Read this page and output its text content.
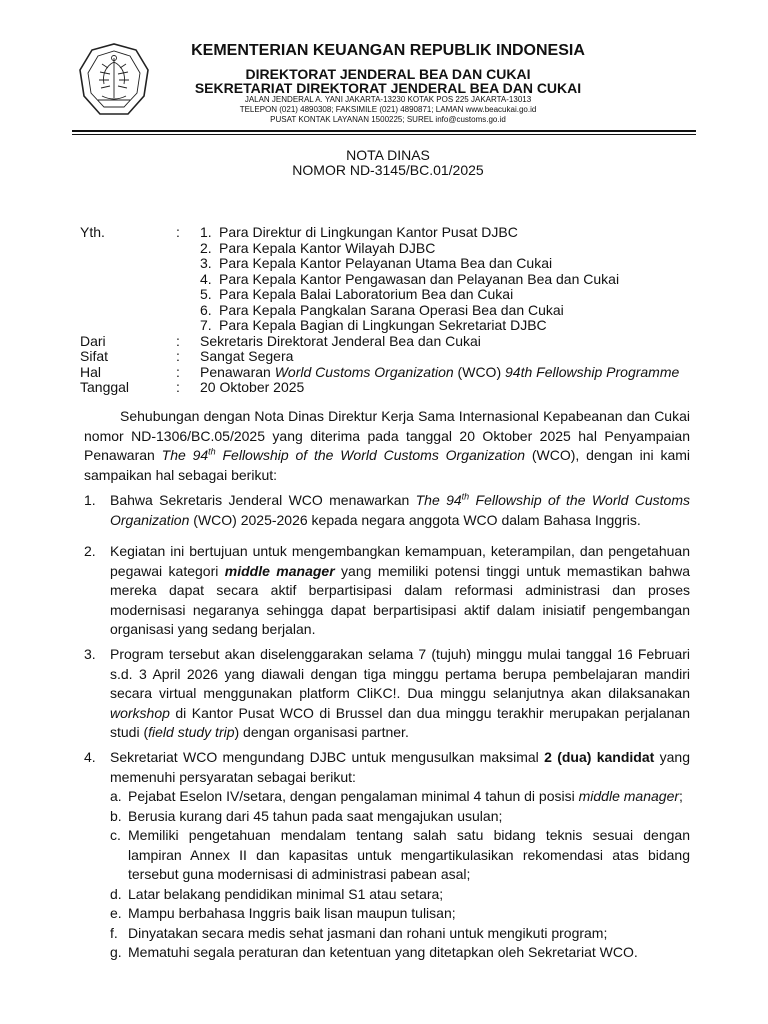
KEMENTERIAN KEUANGAN REPUBLIK INDONESIA
DIREKTORAT JENDERAL BEA DAN CUKAI
SEKRETARIAT DIREKTORAT JENDERAL BEA DAN CUKAI
JALAN JENDERAL A. YANI JAKARTA-13230 KOTAK POS 225 JAKARTA-13013
TELEPON (021) 4890308; FAKSIMILE (021) 4890871; LAMAN www.beacukai.go.id
PUSAT KONTAK LAYANAN 1500225; SUREL info@customs.go.id
NOTA DINAS
NOMOR ND-3145/BC.01/2025
Yth.	:	1. Para Direktur di Lingkungan Kantor Pusat DJBC
2. Para Kepala Kantor Wilayah DJBC
3. Para Kepala Kantor Pelayanan Utama Bea dan Cukai
4. Para Kepala Kantor Pengawasan dan Pelayanan Bea dan Cukai
5. Para Kepala Balai Laboratorium Bea dan Cukai
6. Para Kepala Pangkalan Sarana Operasi Bea dan Cukai
7. Para Kepala Bagian di Lingkungan Sekretariat DJBC
Dari	:	Sekretaris Direktorat Jenderal Bea dan Cukai
Sifat	:	Sangat Segera
Hal	:	Penawaran World Customs Organization (WCO) 94th Fellowship Programme
Tanggal	:	20 Oktober 2025
Sehubungan dengan Nota Dinas Direktur Kerja Sama Internasional Kepabeanan dan Cukai nomor ND-1306/BC.05/2025 yang diterima pada tanggal 20 Oktober 2025 hal Penyampaian Penawaran The 94th Fellowship of the World Customs Organization (WCO), dengan ini kami sampaikan hal sebagai berikut:
1.	Bahwa Sekretaris Jenderal WCO menawarkan The 94th Fellowship of the World Customs Organization (WCO) 2025-2026 kepada negara anggota WCO dalam Bahasa Inggris.
2.	Kegiatan ini bertujuan untuk mengembangkan kemampuan, keterampilan, dan pengetahuan pegawai kategori middle manager yang memiliki potensi tinggi untuk memastikan bahwa mereka dapat secara aktif berpartisipasi dalam reformasi administrasi dan proses modernisasi negaranya sehingga dapat berpartisipasi aktif dalam inisiatif pengembangan organisasi yang sedang berjalan.
3.	Program tersebut akan diselenggarakan selama 7 (tujuh) minggu mulai tanggal 16 Februari s.d. 3 April 2026 yang diawali dengan tiga minggu pertama berupa pembelajaran mandiri secara virtual menggunakan platform CliKC!. Dua minggu selanjutnya akan dilaksanakan workshop di Kantor Pusat WCO di Brussel dan dua minggu terakhir merupakan perjalanan studi (field study trip) dengan organisasi partner.
4.	Sekretariat WCO mengundang DJBC untuk mengusulkan maksimal 2 (dua) kandidat yang memenuhi persyaratan sebagai berikut:
a. Pejabat Eselon IV/setara, dengan pengalaman minimal 4 tahun di posisi middle manager;
b. Berusia kurang dari 45 tahun pada saat mengajukan usulan;
c. Memiliki pengetahuan mendalam tentang salah satu bidang teknis sesuai dengan lampiran Annex II dan kapasitas untuk mengartikulasikan rekomendasi atas bidang tersebut guna modernisasi di administrasi pabean asal;
d. Latar belakang pendidikan minimal S1 atau setara;
e. Mampu berbahasa Inggris baik lisan maupun tulisan;
f. Dinyatakan secara medis sehat jasmani dan rohani untuk mengikuti program;
g. Mematuhi segala peraturan dan ketentuan yang ditetapkan oleh Sekretariat WCO.
